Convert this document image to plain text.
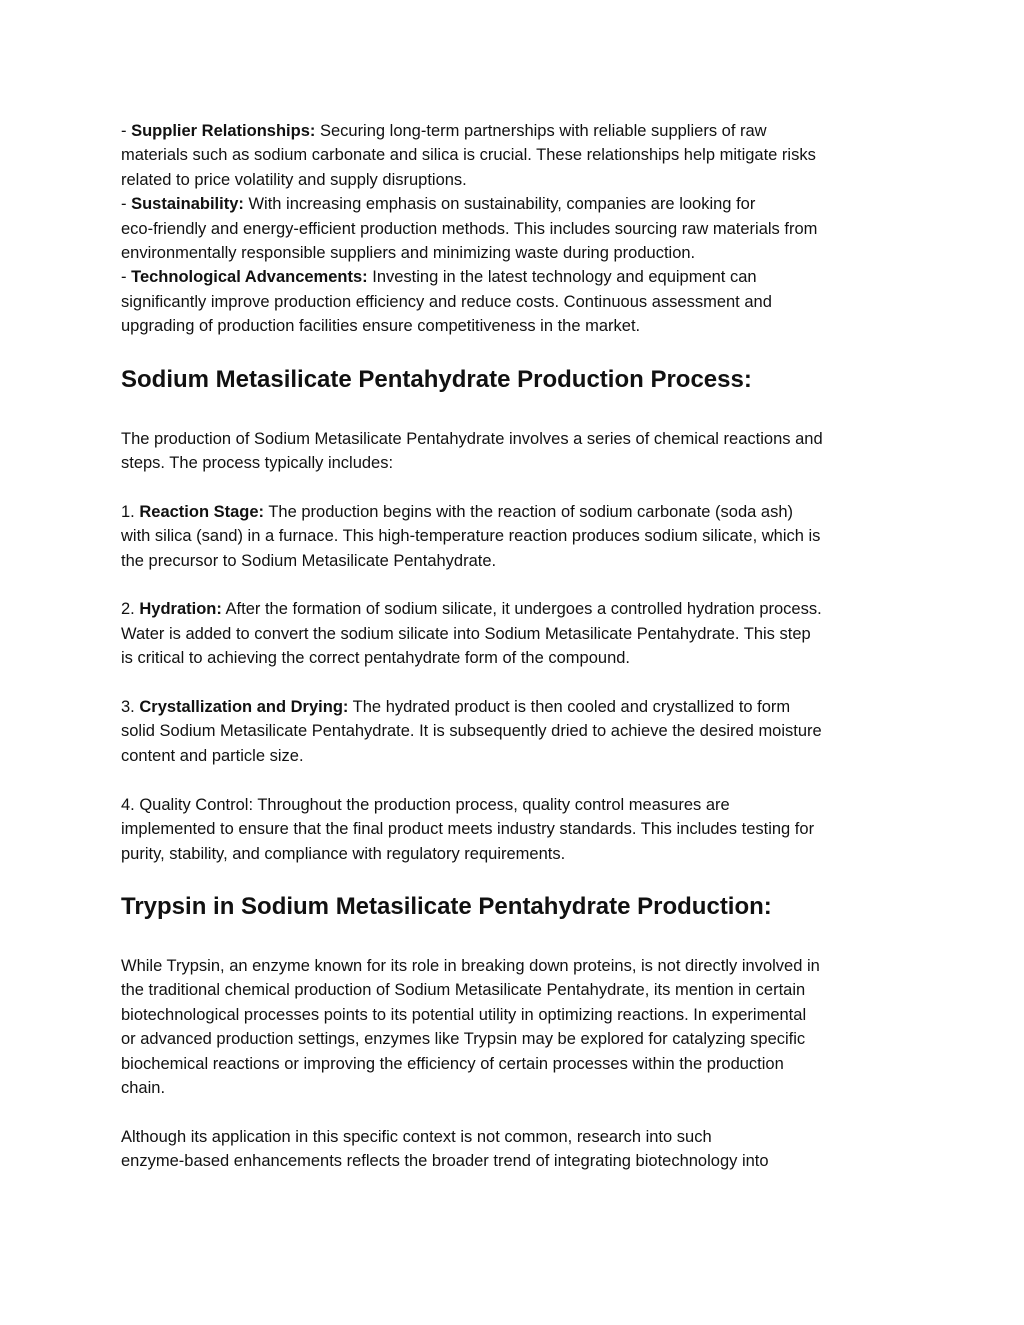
- Supplier Relationships: Securing long-term partnerships with reliable suppliers of raw
materials such as sodium carbonate and silica is crucial. These relationships help mitigate risks
related to price volatility and supply disruptions.
- Sustainability: With increasing emphasis on sustainability, companies are looking for
eco-friendly and energy-efficient production methods. This includes sourcing raw materials from
environmentally responsible suppliers and minimizing waste during production.
- Technological Advancements: Investing in the latest technology and equipment can
significantly improve production efficiency and reduce costs. Continuous assessment and
upgrading of production facilities ensure competitiveness in the market.
Sodium Metasilicate Pentahydrate Production Process:
The production of Sodium Metasilicate Pentahydrate involves a series of chemical reactions and
steps. The process typically includes:
1. Reaction Stage: The production begins with the reaction of sodium carbonate (soda ash)
with silica (sand) in a furnace. This high-temperature reaction produces sodium silicate, which is
the precursor to Sodium Metasilicate Pentahydrate.
2. Hydration: After the formation of sodium silicate, it undergoes a controlled hydration process.
Water is added to convert the sodium silicate into Sodium Metasilicate Pentahydrate. This step
is critical to achieving the correct pentahydrate form of the compound.
3. Crystallization and Drying: The hydrated product is then cooled and crystallized to form
solid Sodium Metasilicate Pentahydrate. It is subsequently dried to achieve the desired moisture
content and particle size.
4. Quality Control: Throughout the production process, quality control measures are
implemented to ensure that the final product meets industry standards. This includes testing for
purity, stability, and compliance with regulatory requirements.
Trypsin in Sodium Metasilicate Pentahydrate Production:
While Trypsin, an enzyme known for its role in breaking down proteins, is not directly involved in
the traditional chemical production of Sodium Metasilicate Pentahydrate, its mention in certain
biotechnological processes points to its potential utility in optimizing reactions. In experimental
or advanced production settings, enzymes like Trypsin may be explored for catalyzing specific
biochemical reactions or improving the efficiency of certain processes within the production
chain.
Although its application in this specific context is not common, research into such
enzyme-based enhancements reflects the broader trend of integrating biotechnology into
